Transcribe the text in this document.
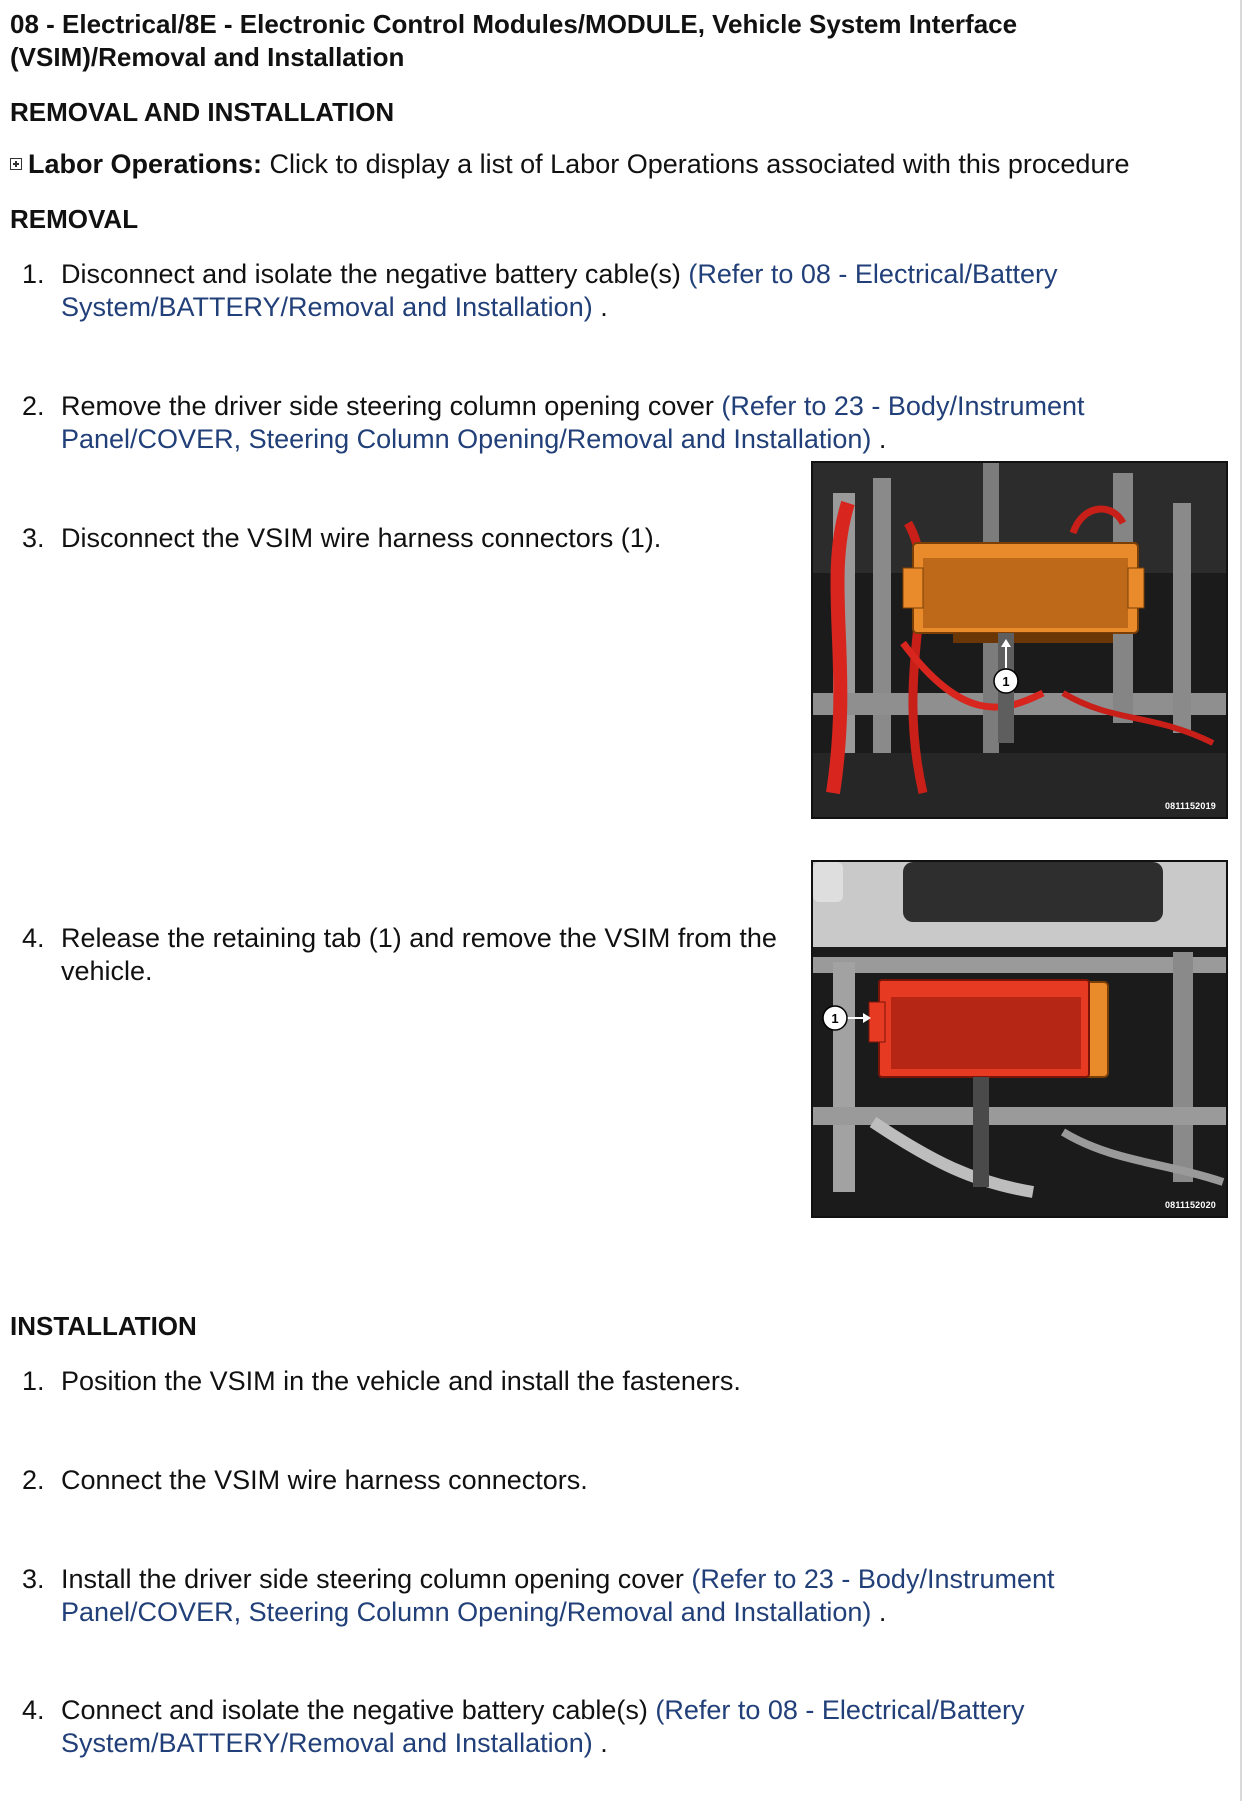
08 - Electrical/8E - Electronic Control Modules/MODULE, Vehicle System Interface (VSIM)/Removal and Installation
REMOVAL AND INSTALLATION
Labor Operations: Click to display a list of Labor Operations associated with this procedure
REMOVAL
1. Disconnect and isolate the negative battery cable(s) (Refer to 08 - Electrical/Battery System/BATTERY/Removal and Installation) .
2. Remove the driver side steering column opening cover (Refer to 23 - Body/Instrument Panel/COVER, Steering Column Opening/Removal and Installation) .
3. Disconnect the VSIM wire harness connectors (1).
1
0811152019
4. Release the retaining tab (1) and remove the VSIM from the vehicle.
1
0811152020
INSTALLATION
1. Position the VSIM in the vehicle and install the fasteners.
2. Connect the VSIM wire harness connectors.
3. Install the driver side steering column opening cover (Refer to 23 - Body/Instrument Panel/COVER, Steering Column Opening/Removal and Installation) .
4. Connect and isolate the negative battery cable(s) (Refer to 08 - Electrical/Battery System/BATTERY/Removal and Installation) .
